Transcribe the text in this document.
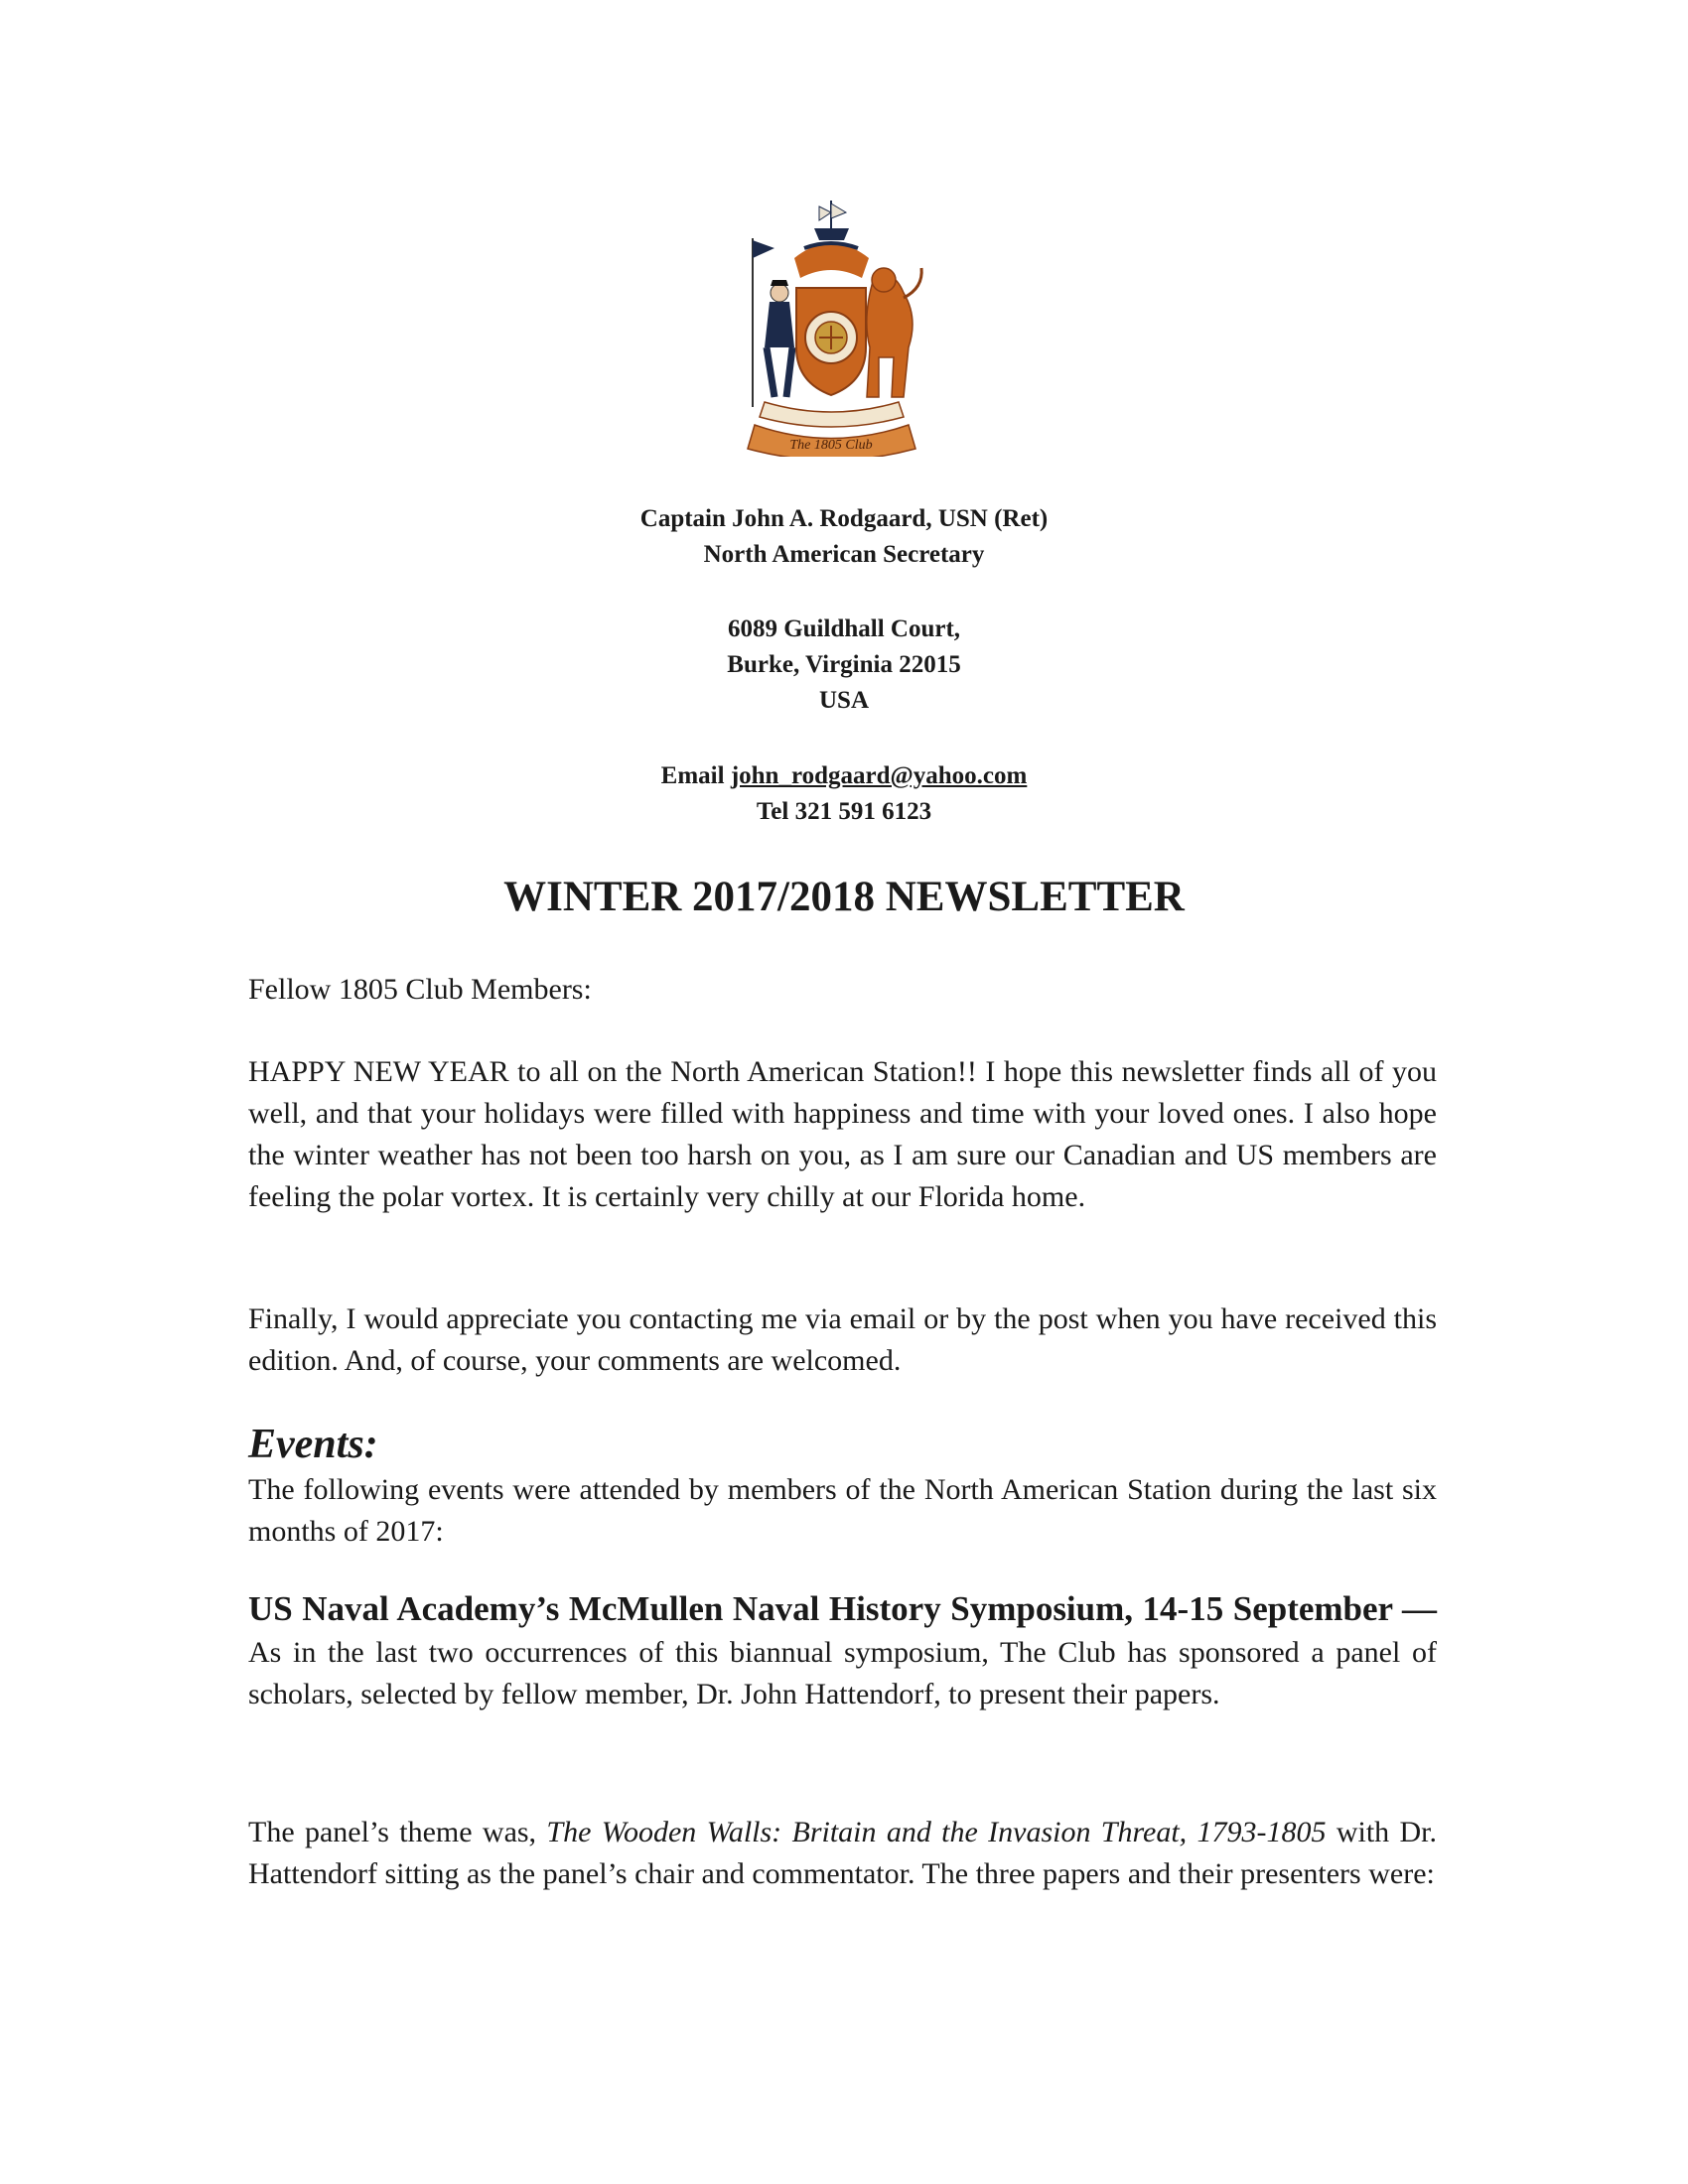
The 1805 Club
Captain John A. Rodgaard, USN (Ret)
North American Secretary
6089 Guildhall Court,
Burke, Virginia 22015
USA
Email john_rodgaard@yahoo.com
Tel 321 591 6123
WINTER 2017/2018 NEWSLETTER

Fellow 1805 Club Members:

HAPPY NEW YEAR to all on the North American Station!! I hope this newsletter finds all of you well, and that your holidays were filled with happiness and time with your loved ones. I also hope the winter weather has not been too harsh on you, as I am sure our Canadian and US members are feeling the polar vortex. It is certainly very chilly at our Florida home.

Finally, I would appreciate you contacting me via email or by the post when you have received this edition. And, of course, your comments are welcomed.

Events:

The following events were attended by members of the North American Station during the last six months of 2017:

US Naval Academy’s McMullen Naval History Symposium, 14-15 September — As in the last two occurrences of this biannual symposium, The Club has sponsored a panel of scholars, selected by fellow member, Dr. John Hattendorf, to present their papers.

The panel’s theme was, The Wooden Walls: Britain and the Invasion Threat, 1793-1805 with Dr. Hattendorf sitting as the panel’s chair and commentator. The three papers and their presenters were:
